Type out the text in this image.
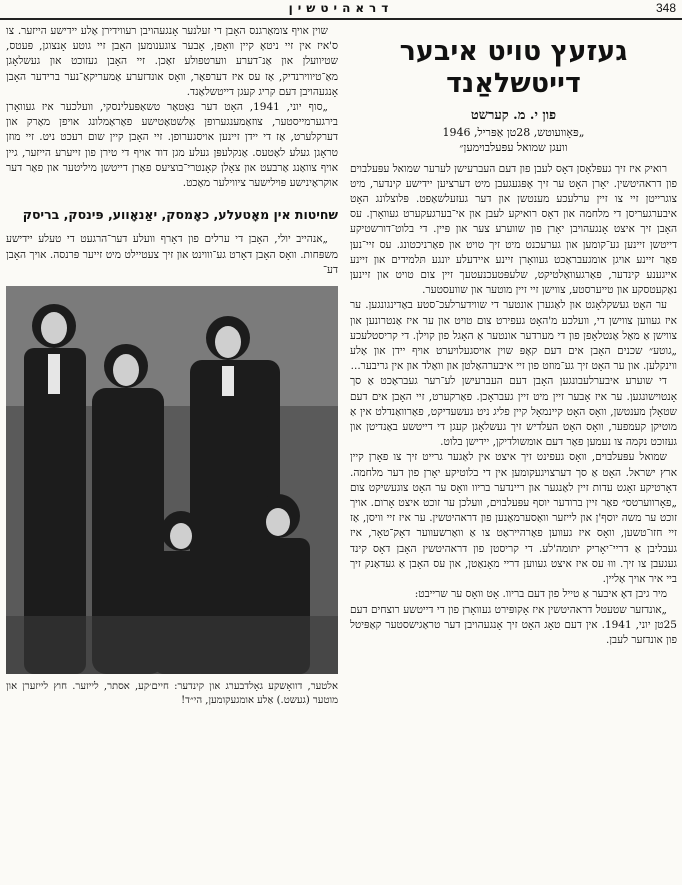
דראהיטשין	348
געזעץ טויט איבער דייטשלאַנד
פון י. מ. קערשט
„פּאָוועוטש, 28טן אַפּריל, 1946
וועגן שמואל עפּעלבוימען״

רואיק איז זיך געפּלאָסן דאָס לעבן פון דעם העברעישן לערער שמואל עפּעלבוים פון דראהיטשין. יאָרן האָט ער זיך אָפּגעגעבן מיט דערציען יידישע קינדער, מיט צוגרייטן זיי צו זיין ערלעכע מענטשן און דער געזעלשאַפט. פּלוצלונג האָט איבערגעריסן די מלחמה און דאָס רואיקע לעבן און אי־בערגעקערט געוואָרן. עס האָבן זיך איצט אָנגעהויבן יאָרן פון שווערע צער און פּיין. די בלוט־דורשטיקע דייטשן זיינען גע־קומען און גערעכנט מיט זיך טויט און פאַרניכטונג. עס זיי־נען פאַר זיינע אויגן אומגעבראַכט געוואָרן זיינע איידעלע יונגע תּלמידים און זיינע אייגענע קינדער, פאַרגעוואַלטיקט, שלעפּטעכנעטעך זיין צום טויט און זיינען נאַקעטסקע און טייערסטע, צווישן זיי זיין מוטער און שוועסטער.

ער האָט געשקלאָגט און לאַגערן אונטער די שווידערלעכ־סטע באַדינגונגען. ער איז געווען צווישן די, וועלכע מ'האָט געפירט צום טויט און ער איז אַנטרונען און צווישן אַ מאַל אַנטלאָפן פון די מערדער אונטער אַ האָגל פון קוילן. די קריסטלעכע „גוטע״ שכנים האָבן אים דעם קאָפּ שוין אויסגעלויערט אויף יידן און אַלע ווינקלען. און ער האָט זיך גע־מוזט פון זיי איבערהאַלטן און וואַלד און אין גריבער...

די שוערע איבערלעבונגען האָבן דעם העברעישן לע־רער געבראַכט אַ סך אָנטוישונגען. ער איז אָבער זיין מיט זיין געבראָכן. פאַרקערט, זיי האָבן אים דעם שטאָלן מענטשן, וואָס האָט קיינמאָל קיין פליג ניט געשעדיקט, פאַרוואַנדלט אין אַ מוטיקן קעמפער, וואָס האָט העלדיש זיך געשלאָגן קעגן די דייטשע באַנדיטן און געזוכט נקמה צו נעמען פאַר דעם אומשולדיקן, יידישן בלוט.

שמואל עפּעלבוים, וואָס געפינט זיך איצט אין לאַגער גרייט זיך צו פאָרן קיין ארץ ישראל. האָט אַ סך דערצויגעקומען אין די בלוטיקע יאָרן פון דער מלחמה. דאָרטיקע זאָגט עדות זיין לאַנגער און ריינדער בריוו וואָס ער האָט צוגעשיקט צום „פאָרווערטס״ פאַר זיין ברודער יוסף עפּעלבוים, וועלכן ער זוכט איצט אָרום. אויך זוכט ער משה יוסף'ן און לייזער וואַסערמאַנען פון דראהיטשין. ער איז זיי וויסן, אַז זיי חזו־טשען, וואָס איז געווען פאַרהייראַט צו אַ וואַרשעווער דאָק־טאָר, איז געבליבן אַ דריי־יאָריק יתומה'לע. די קריסטן פון דראהיטשין האָבן דאָס קינד געגעבן צו זיך. וווּ עס איז איצט געווען דריי מאָנאַטן, און עס האָבן אַ געדאַנק זיך ביי איר אויך אַליין.

מיר גיבן דאָ איבער אַ טייל פון דעם בריוו. אָט וואָס ער שרייבט:

„אונדזער שטעטל דראהיטשין איז אָקופּירט געוואָרן פון די דייטשע רוצחים דעם 25טן יוני, 1941. אין דעם טאָג האָט זיך אָנגעהויבן דער טראַגישסטער קאַפּיטל פון אונדזער לעבן.

שוין אויף צומאַרגנס האָבן די זעלנער אָנגעהויבן רעווידירן אַלע יידישע הייזער. צו ס'איז אין זיי ניטאָ קיין וואָפן, אָבער צוגענומען האָבן זיי גוטע אָנצוגן, פּעטס, שטיוועלן און אַנ־דערע ווערטפולע זאַכן. זיי האָבן געזוכט און געשלאָגן מאַ־טיווירנדיק, אַז עס איז דערפאַר, וואָס אונדזערע אַמעריקאַ־נער ברידער האָבן אָנגעהויבן דעם קריג קעגן דייטשלאַנד.

„סוף יוני, 1941, האָט דער נאַטאַר טשאַפּעלינסקי, וועלכער איז געוואָרן בירגערמייסטער, צוזאַמענגערופן אַלשטאַטישע פאַראַמלונג אויפן מאַרק און דערקלערט, אַז די יידן זיינען אויסגערופן. זיי האָבן קיין שום רעכט ניט. זיי מוזן טראָגן געלע לאַטעס. אַנקלעפּן געלע מגן דוד אויף די טירן פון זייערע הייזער, גיין אויף צוואַנג אַרבעט און צאָלן קאָנטרי־בוציעס פאַרן דייטשן מיליטער און פאַר דער אוקראַינישע פּוילישער ציווילער מאַכט.

שחיטות אין מאָטעלע, כאָמסק, יאַנאָווע, פּינסק, בריסק

„אנהייב יולי, האָבן די ערלים פון דאָרף וועלע דער־הרגעט די טעלע יידישע משפּחות. וואָס האָבן דאָרט גע־וווינט און זיך צעטיילט מיט זייער פּרנסה. אויך האָבן דע־

אלטער, דוואָשקע גאָלדבערג און קינדער: חיים׳קע, אסתר, לייזער. חוץ לייזערן און מוטער (געשט.) אַלע אומגעקומען, הי״ד!
